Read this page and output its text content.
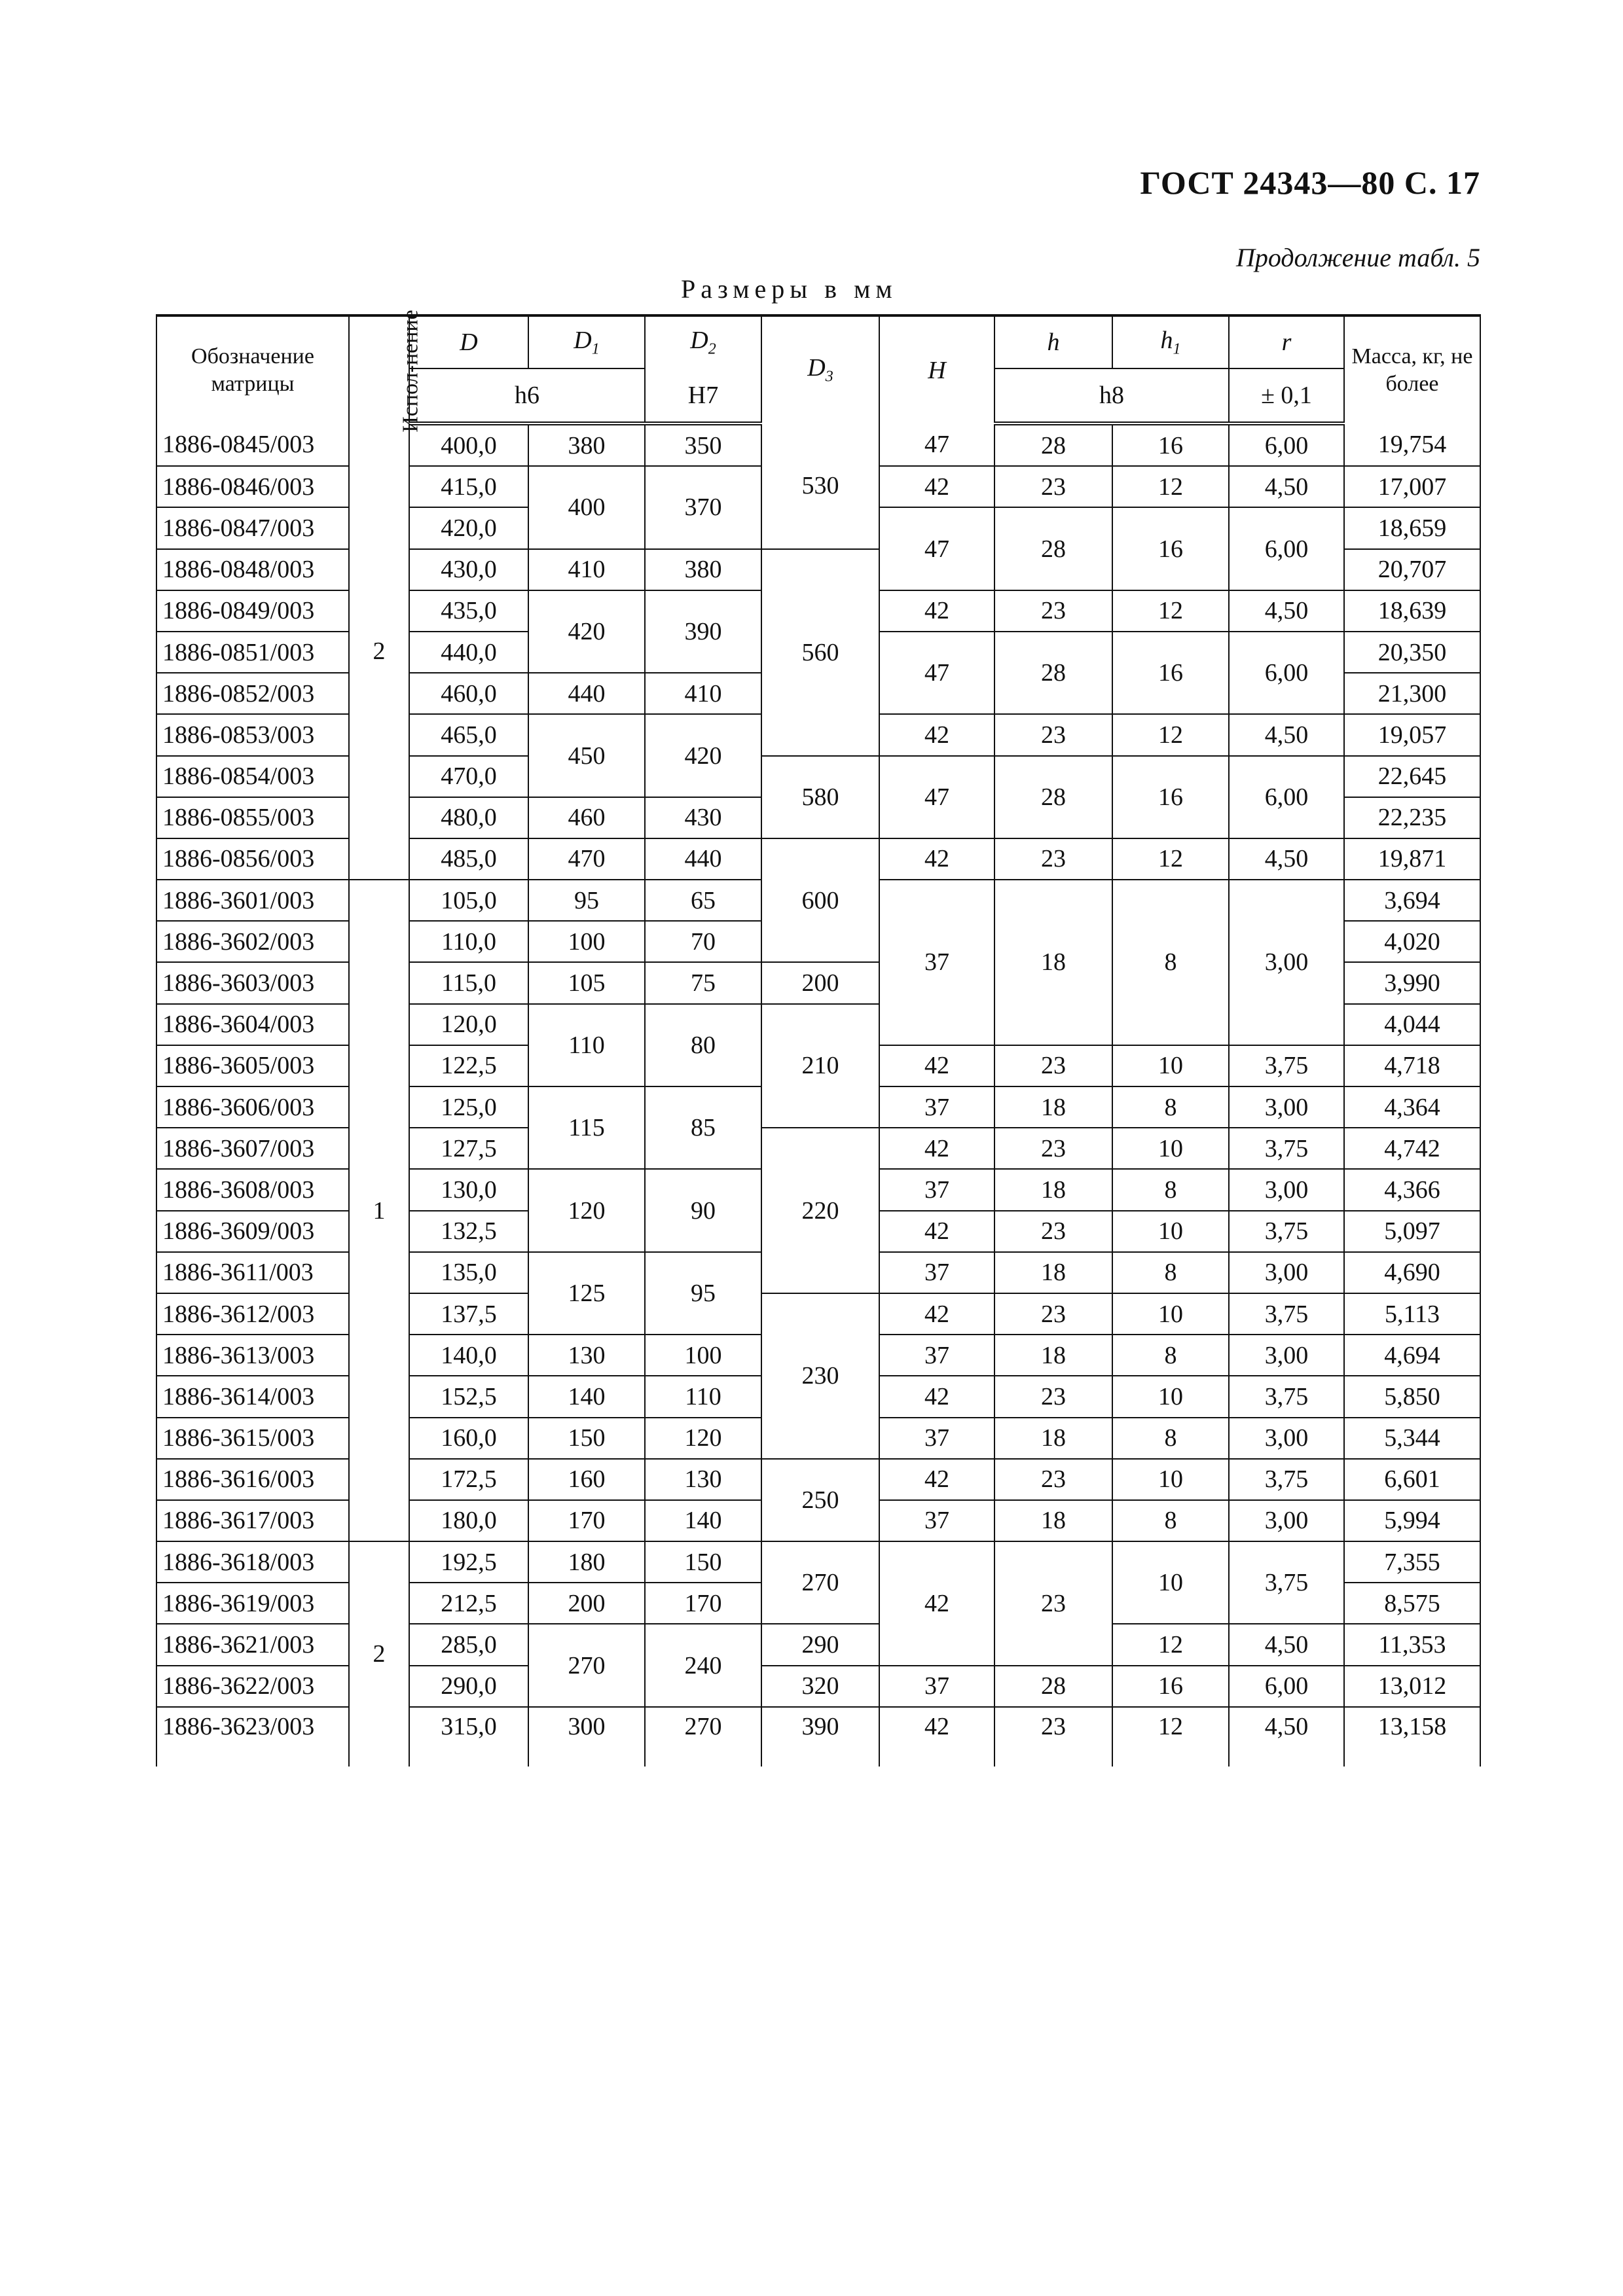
ГОСТ 24343—80 С. 17
Продолжение табл. 5
Размеры в мм
Обозначение матрицы	Испол-нение	D	$D_1$	$D_2$	$D_3$	H	h	$h_1$	r	Масса, кг, не более
		h6		H7			h8		± 0,1	
1886-0845/003	2	400,0	380	350	530	47	28	16	6,00	19,754
1886-0846/003		415,0	400	370		42	23	12	4,50	17,007
1886-0847/003		420,0				47	28	16	6,00	18,659
1886-0848/003		430,0	410	380	560					20,707
1886-0849/003		435,0	420	390		42	23	12	4,50	18,639
1886-0851/003		440,0				47	28	16	6,00	20,350
1886-0852/003		460,0	440	410						21,300
1886-0853/003		465,0	450	420		42	23	12	4,50	19,057
1886-0854/003		470,0			580	47	28	16	6,00	22,645
1886-0855/003		480,0	460	430						22,235
1886-0856/003		485,0	470	440	600	42	23	12	4,50	19,871
1886-3601/003	1	105,0	95	65		37	18	8	3,00	3,694
1886-3602/003		110,0	100	70						4,020
1886-3603/003		115,0	105	75	200					3,990
1886-3604/003		120,0	110	80	210					4,044
1886-3605/003		122,5				42	23	10	3,75	4,718
1886-3606/003		125,0	115	85		37	18	8	3,00	4,364
1886-3607/003		127,5			220	42	23	10	3,75	4,742
1886-3608/003		130,0	120	90		37	18	8	3,00	4,366
1886-3609/003		132,5				42	23	10	3,75	5,097
1886-3611/003		135,0	125	95		37	18	8	3,00	4,690
1886-3612/003		137,5			230	42	23	10	3,75	5,113
1886-3613/003		140,0	130	100		37	18	8	3,00	4,694
1886-3614/003		152,5	140	110		42	23	10	3,75	5,850
1886-3615/003		160,0	150	120		37	18	8	3,00	5,344
1886-3616/003		172,5	160	130	250	42	23	10	3,75	6,601
1886-3617/003		180,0	170	140		37	18	8	3,00	5,994
1886-3618/003	2	192,5	180	150	270	42	23	10	3,75	7,355
1886-3619/003		212,5	200	170						8,575
1886-3621/003		285,0	270	240	290			12	4,50	11,353
1886-3622/003		290,0			320	37	28	16	6,00	13,012
1886-3623/003		315,0	300	270	390	42	23	12	4,50	13,158
